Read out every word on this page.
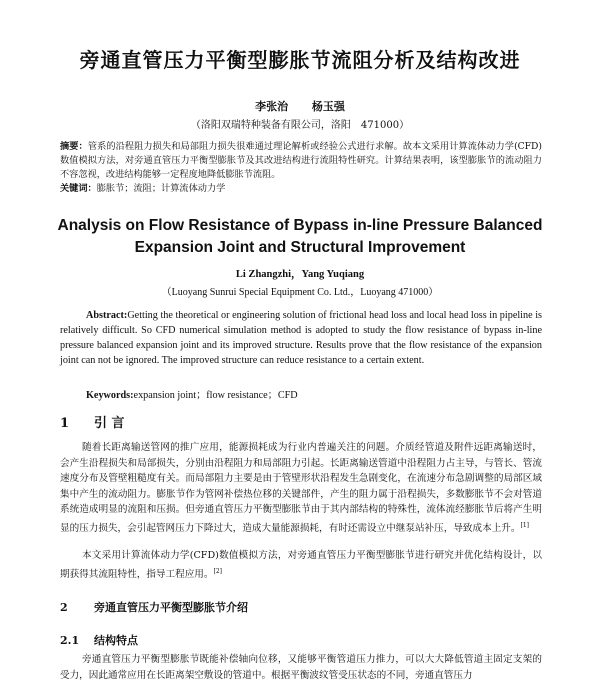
旁通直管压力平衡型膨胀节流阻分析及结构改进
李张治 杨玉强
（洛阳双瑞特种装备有限公司，洛阳　471000）
摘要：管系的沿程阻力损失和局部阻力损失很难通过理论解析或经验公式进行求解。故本文采用计算流体动力学(CFD)数值模拟方法，对旁通直管压力平衡型膨胀节及其改进结构进行流阻特性研究。计算结果表明，该型膨胀节的流动阻力不容忽视，改进结构能够一定程度地降低膨胀节流阻。
关键词：膨胀节；流阻；计算流体动力学
Analysis on Flow Resistance of Bypass in-line Pressure Balanced
Expansion Joint and Structural Improvement
Li Zhangzhi，Yang Yuqiang
（Luoyang Sunrui Special Equipment Co. Ltd.，Luoyang 471000）
Abstract:Getting the theoretical or engineering solution of frictional head loss and local head loss in pipeline is relatively difficult. So CFD numerical simulation method is adopted to study the flow resistance of bypass in-line pressure balanced expansion joint and its improved structure. Results prove that the flow resistance of the expansion joint can not be ignored. The improved structure can reduce resistance to a certain extent.
Keywords:expansion joint；flow resistance；CFD
1 引 言
随着长距离输送管网的推广应用，能源损耗成为行业内普遍关注的问题。介质经管道及附件远距离输送时，会产生沿程损失和局部损失，分别由沿程阻力和局部阻力引起。长距离输送管道中沿程阻力占主导，与管长、管流速度分布及管壁粗糙度有关。而局部阻力主要是由于管壁形状沿程发生急剧变化，在流速分布急剧调整的局部区域集中产生的流动阻力。膨胀节作为管网补偿热位移的关键部件，产生的阻力属于沿程损失，多数膨胀节不会对管道系统造成明显的流阻和压损。但旁通直管压力平衡型膨胀节由于其内部结构的特殊性，流体流经膨胀节后将产生明显的压力损失，会引起管网压力下降过大，造成大量能源损耗，有时还需设立中继泵站补压，导致成本上升。[1]
本文采用计算流体动力学(CFD)数值模拟方法，对旁通直管压力平衡型膨胀节进行研究并优化结构设计，以期获得其流阻特性，指导工程应用。[2]
2 旁通直管压力平衡型膨胀节介绍
2.1 结构特点
旁通直管压力平衡型膨胀节既能补偿轴向位移，又能够平衡管道压力推力，可以大大降低管道主固定支架的受力，因此通常应用在长距离架空敷设的管道中。根据平衡波纹管受压状态的不同，旁通直管压力
